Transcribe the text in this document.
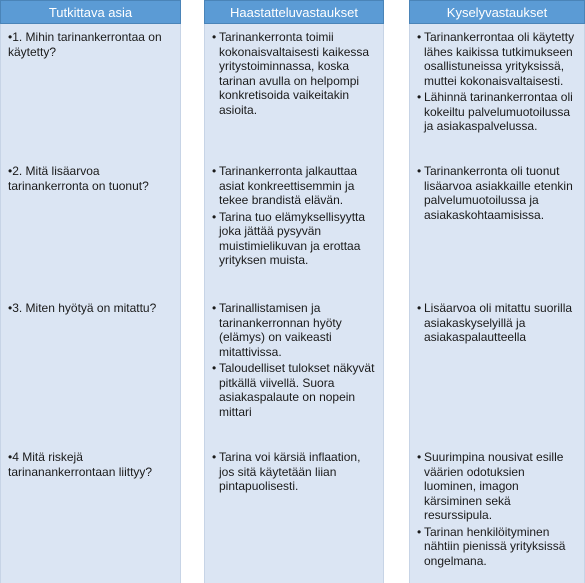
Tutkittava asia
•1. Mihin tarinankerrontaa on käytetty?
•2. Mitä lisäarvoa tarinankerronta on tuonut?
•3. Miten hyötyä on mitattu?
•4 Mitä riskejä tarinanankerrontaan liittyy?
Haastatteluvastaukset
• Tarinankerronta toimii kokonaisvaltaisesti kaikessa yritystoiminnassa, koska tarinan avulla on helpompi konkretisoida vaikeitakin asioita.
• Tarinankerronta jalkauttaa asiat konkreettisemmin ja tekee brandistä elävän.
• Tarina tuo elämyksellisyytta joka jättää pysyvän muistimielikuvan ja erottaa yrityksen muista.
• Tarinallistamisen ja tarinankerronnan hyöty (elämys) on vaikeasti mitattivissa.
• Taloudelliset tulokset näkyvät pitkällä viivellä. Suora asiakaspalaute on nopein mittari
• Tarina voi kärsiä inflaation, jos sitä käytetään liian pintapuolisesti.
Kyselyvastaukset
• Tarinankerrontaa oli käytetty lähes kaikissa tutkimukseen osallistuneissa yrityksissä, muttei kokonaisvaltaisesti.
• Lähinnä tarinankerrontaa oli kokeiltu palvelumuotoilussa ja asiakaspalvelussa.
• Tarinankerronta oli tuonut lisäarvoa asiakkaille etenkin palvelumuotoilussa ja asiakaskohtaamisissa.
• Lisäarvoa oli mitattu suorilla asiakaskyselyillä ja asiakaspalautteella
• Suurimpina nousivat esille väärien odotuksien luominen, imagon kärsiminen sekä resurssipula.
• Tarinan henkilöityminen nähtiin pienissä yrityksissä ongelmana.
